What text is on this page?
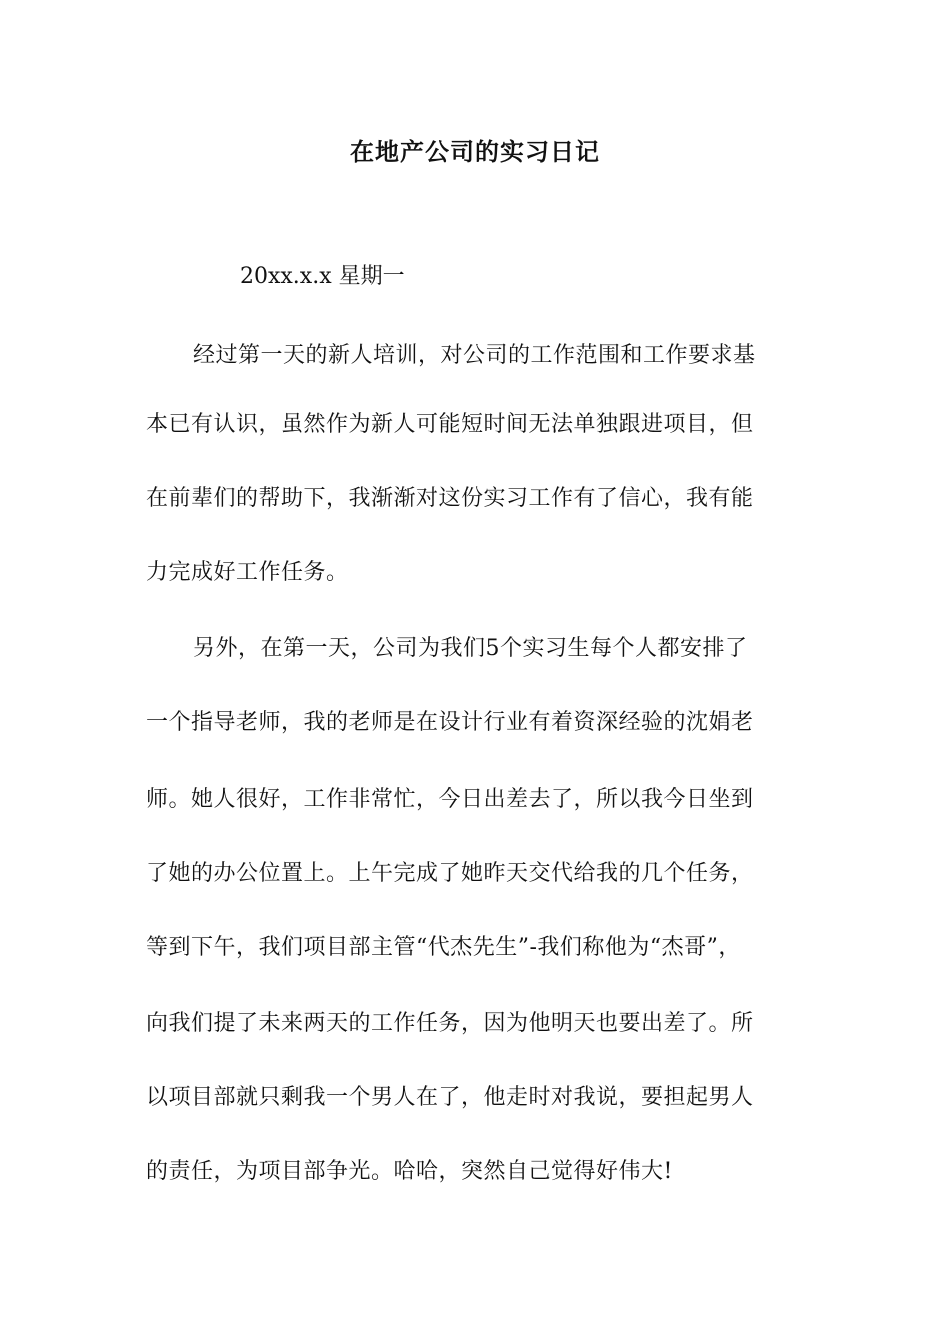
在地产公司的实习日记
20xx.x.x 星期一
经过第一天的新人培训，对公司的工作范围和工作要求基
本已有认识，虽然作为新人可能短时间无法单独跟进项目，但
在前辈们的帮助下，我渐渐对这份实习工作有了信心，我有能
力完成好工作任务。
另外，在第一天，公司为我们5个实习生每个人都安排了
一个指导老师，我的老师是在设计行业有着资深经验的沈娟老
师。她人很好，工作非常忙，今日出差去了，所以我今日坐到
了她的办公位置上。上午完成了她昨天交代给我的几个任务，
等到下午，我们项目部主管“代杰先生”-我们称他为“杰哥”，
向我们提了未来两天的工作任务，因为他明天也要出差了。所
以项目部就只剩我一个男人在了，他走时对我说，要担起男人
的责任，为项目部争光。哈哈，突然自己觉得好伟大!
